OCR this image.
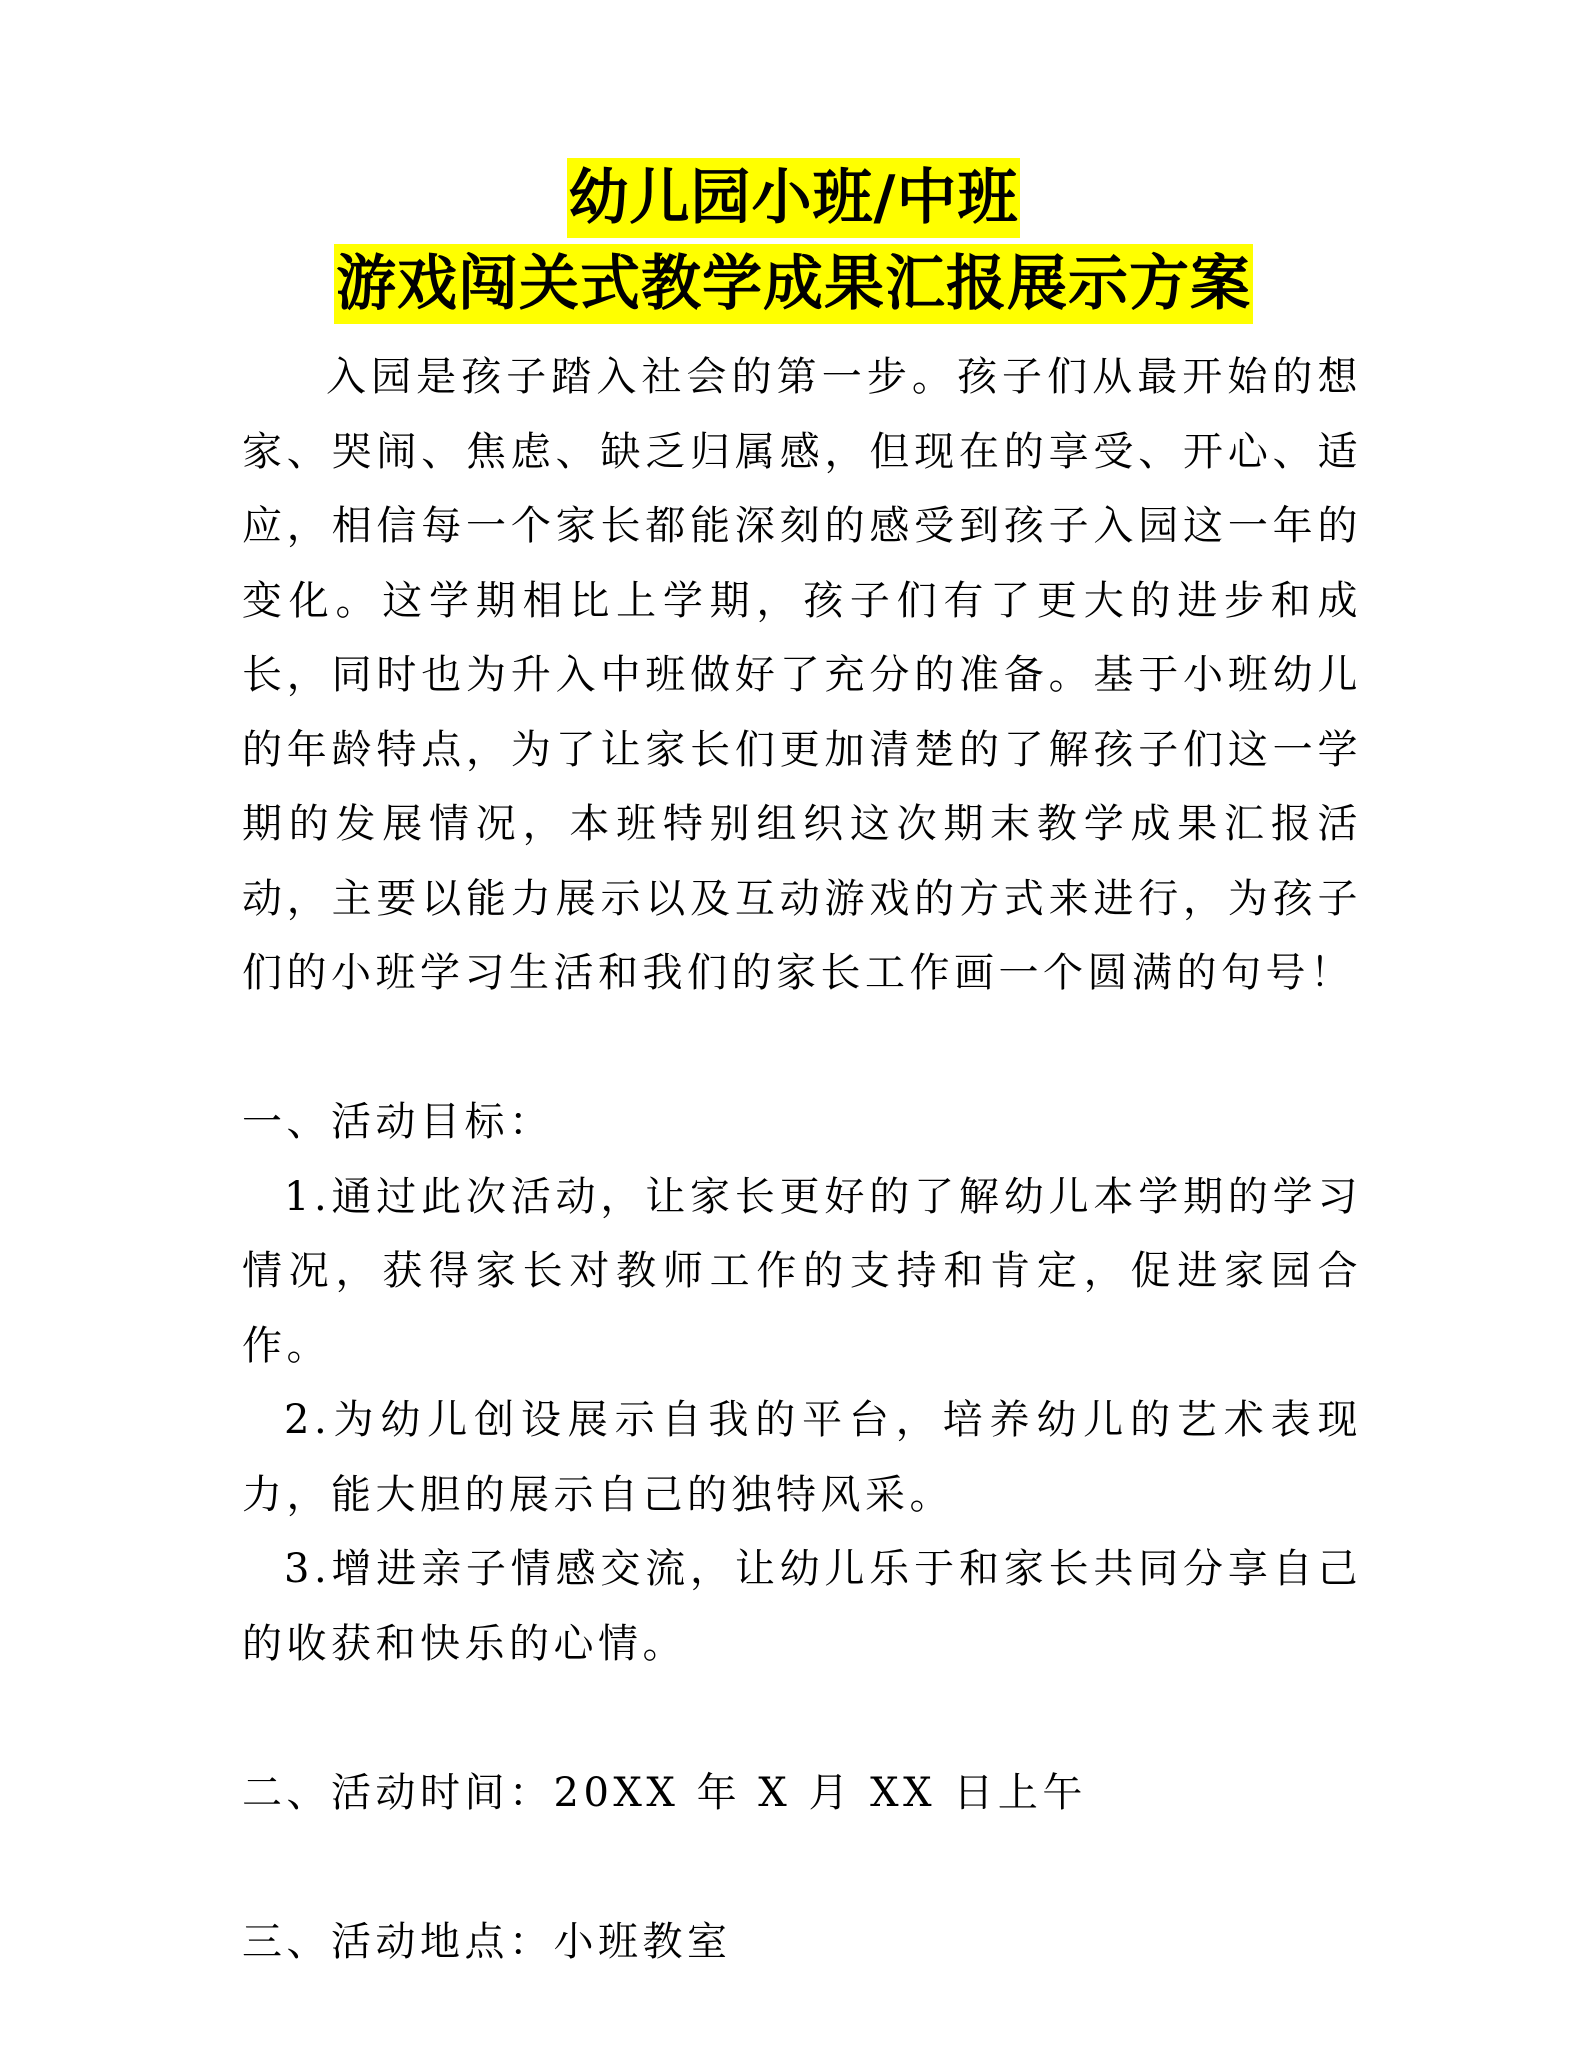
幼儿园小班/中班
游戏闯关式教学成果汇报展示方案

入园是孩子踏入社会的第一步。孩子们从最开始的想家、哭闹、焦虑、缺乏归属感，但现在的享受、开心、适应，相信每一个家长都能深刻的感受到孩子入园这一年的变化。这学期相比上学期，孩子们有了更大的进步和成长，同时也为升入中班做好了充分的准备。基于小班幼儿的年龄特点，为了让家长们更加清楚的了解孩子们这一学期的发展情况，本班特别组织这次期末教学成果汇报活动，主要以能力展示以及互动游戏的方式来进行，为孩子们的小班学习生活和我们的家长工作画一个圆满的句号！

一、活动目标：

1.通过此次活动，让家长更好的了解幼儿本学期的学习情况，获得家长对教师工作的支持和肯定，促进家园合作。

2.为幼儿创设展示自我的平台，培养幼儿的艺术表现力，能大胆的展示自己的独特风采。

3.增进亲子情感交流，让幼儿乐于和家长共同分享自己的收获和快乐的心情。

二、活动时间：20XX 年 X 月 XX 日上午

三、活动地点：小班教室
